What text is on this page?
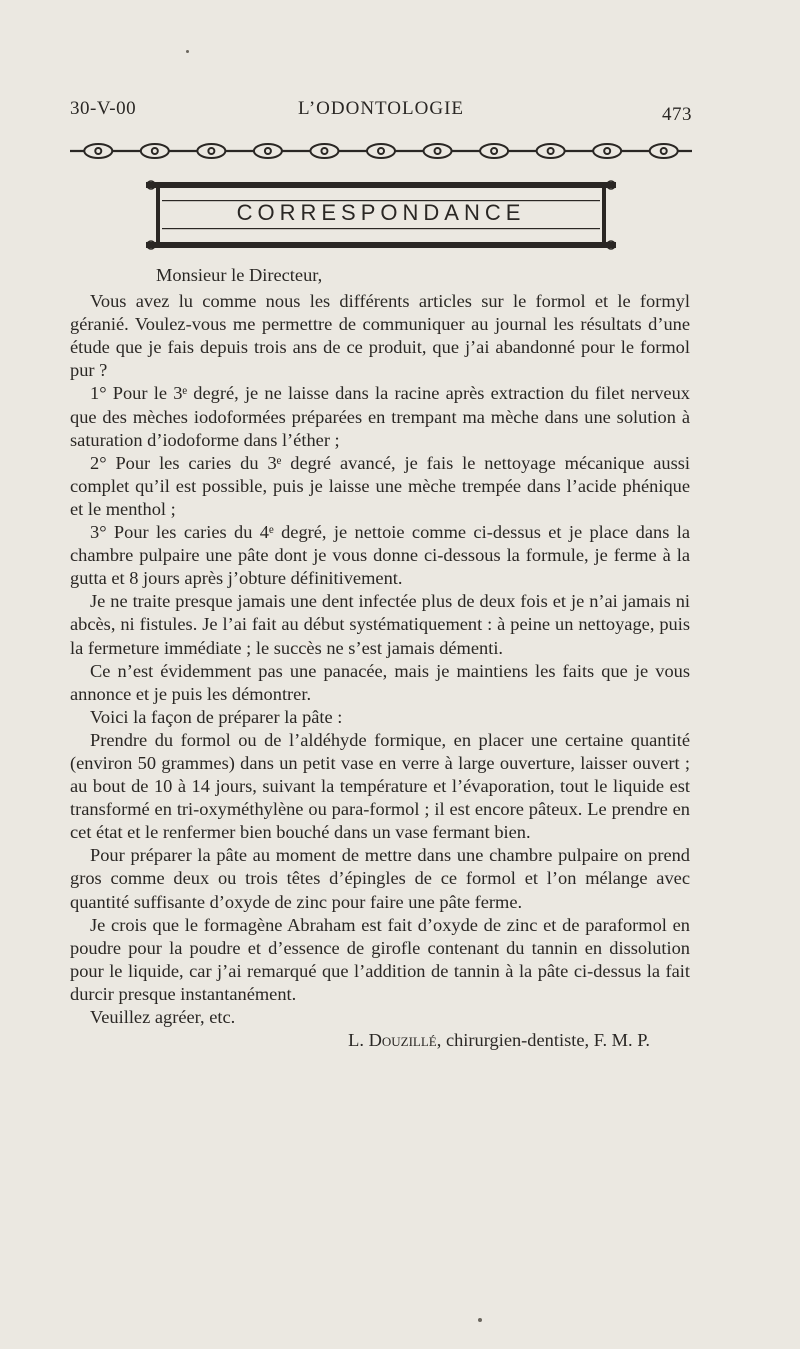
30-V-00	L’ODONTOLOGIE	473
CORRESPONDANCE

Monsieur le Directeur,

Vous avez lu comme nous les différents articles sur le formol et le formyl géranié. Voulez-vous me permettre de communiquer au journal les résultats d’une étude que je fais depuis trois ans de ce produit, que j’ai abandonné pour le formol pur ?

1° Pour le 3ᵉ degré, je ne laisse dans la racine après extraction du filet nerveux que des mèches iodoformées préparées en trempant ma mèche dans une solution à saturation d’iodoforme dans l’éther ;

2° Pour les caries du 3ᵉ degré avancé, je fais le nettoyage mécanique aussi complet qu’il est possible, puis je laisse une mèche trempée dans l’acide phénique et le menthol ;

3° Pour les caries du 4ᵉ degré, je nettoie comme ci-dessus et je place dans la chambre pulpaire une pâte dont je vous donne ci-dessous la formule, je ferme à la gutta et 8 jours après j’obture définitivement.

Je ne traite presque jamais une dent infectée plus de deux fois et je n’ai jamais ni abcès, ni fistules. Je l’ai fait au début systématiquement : à peine un nettoyage, puis la fermeture immédiate ; le succès ne s’est jamais démenti.

Ce n’est évidemment pas une panacée, mais je maintiens les faits que je vous annonce et je puis les démontrer.

Voici la façon de préparer la pâte :

Prendre du formol ou de l’aldéhyde formique, en placer une certaine quantité (environ 50 grammes) dans un petit vase en verre à large ouverture, laisser ouvert ; au bout de 10 à 14 jours, suivant la température et l’évaporation, tout le liquide est transformé en tri-oxyméthylène ou para-formol ; il est encore pâteux. Le prendre en cet état et le renfermer bien bouché dans un vase fermant bien.

Pour préparer la pâte au moment de mettre dans une chambre pulpaire on prend gros comme deux ou trois têtes d’épingles de ce formol et l’on mélange avec quantité suffisante d’oxyde de zinc pour faire une pâte ferme.

Je crois que le formagène Abraham est fait d’oxyde de zinc et de paraformol en poudre pour la poudre et d’essence de girofle contenant du tannin en dissolution pour le liquide, car j’ai remarqué que l’addition de tannin à la pâte ci-dessus la fait durcir presque instantanément.

Veuillez agréer, etc.

L. Douzillé, chirurgien-dentiste, F. M. P.
